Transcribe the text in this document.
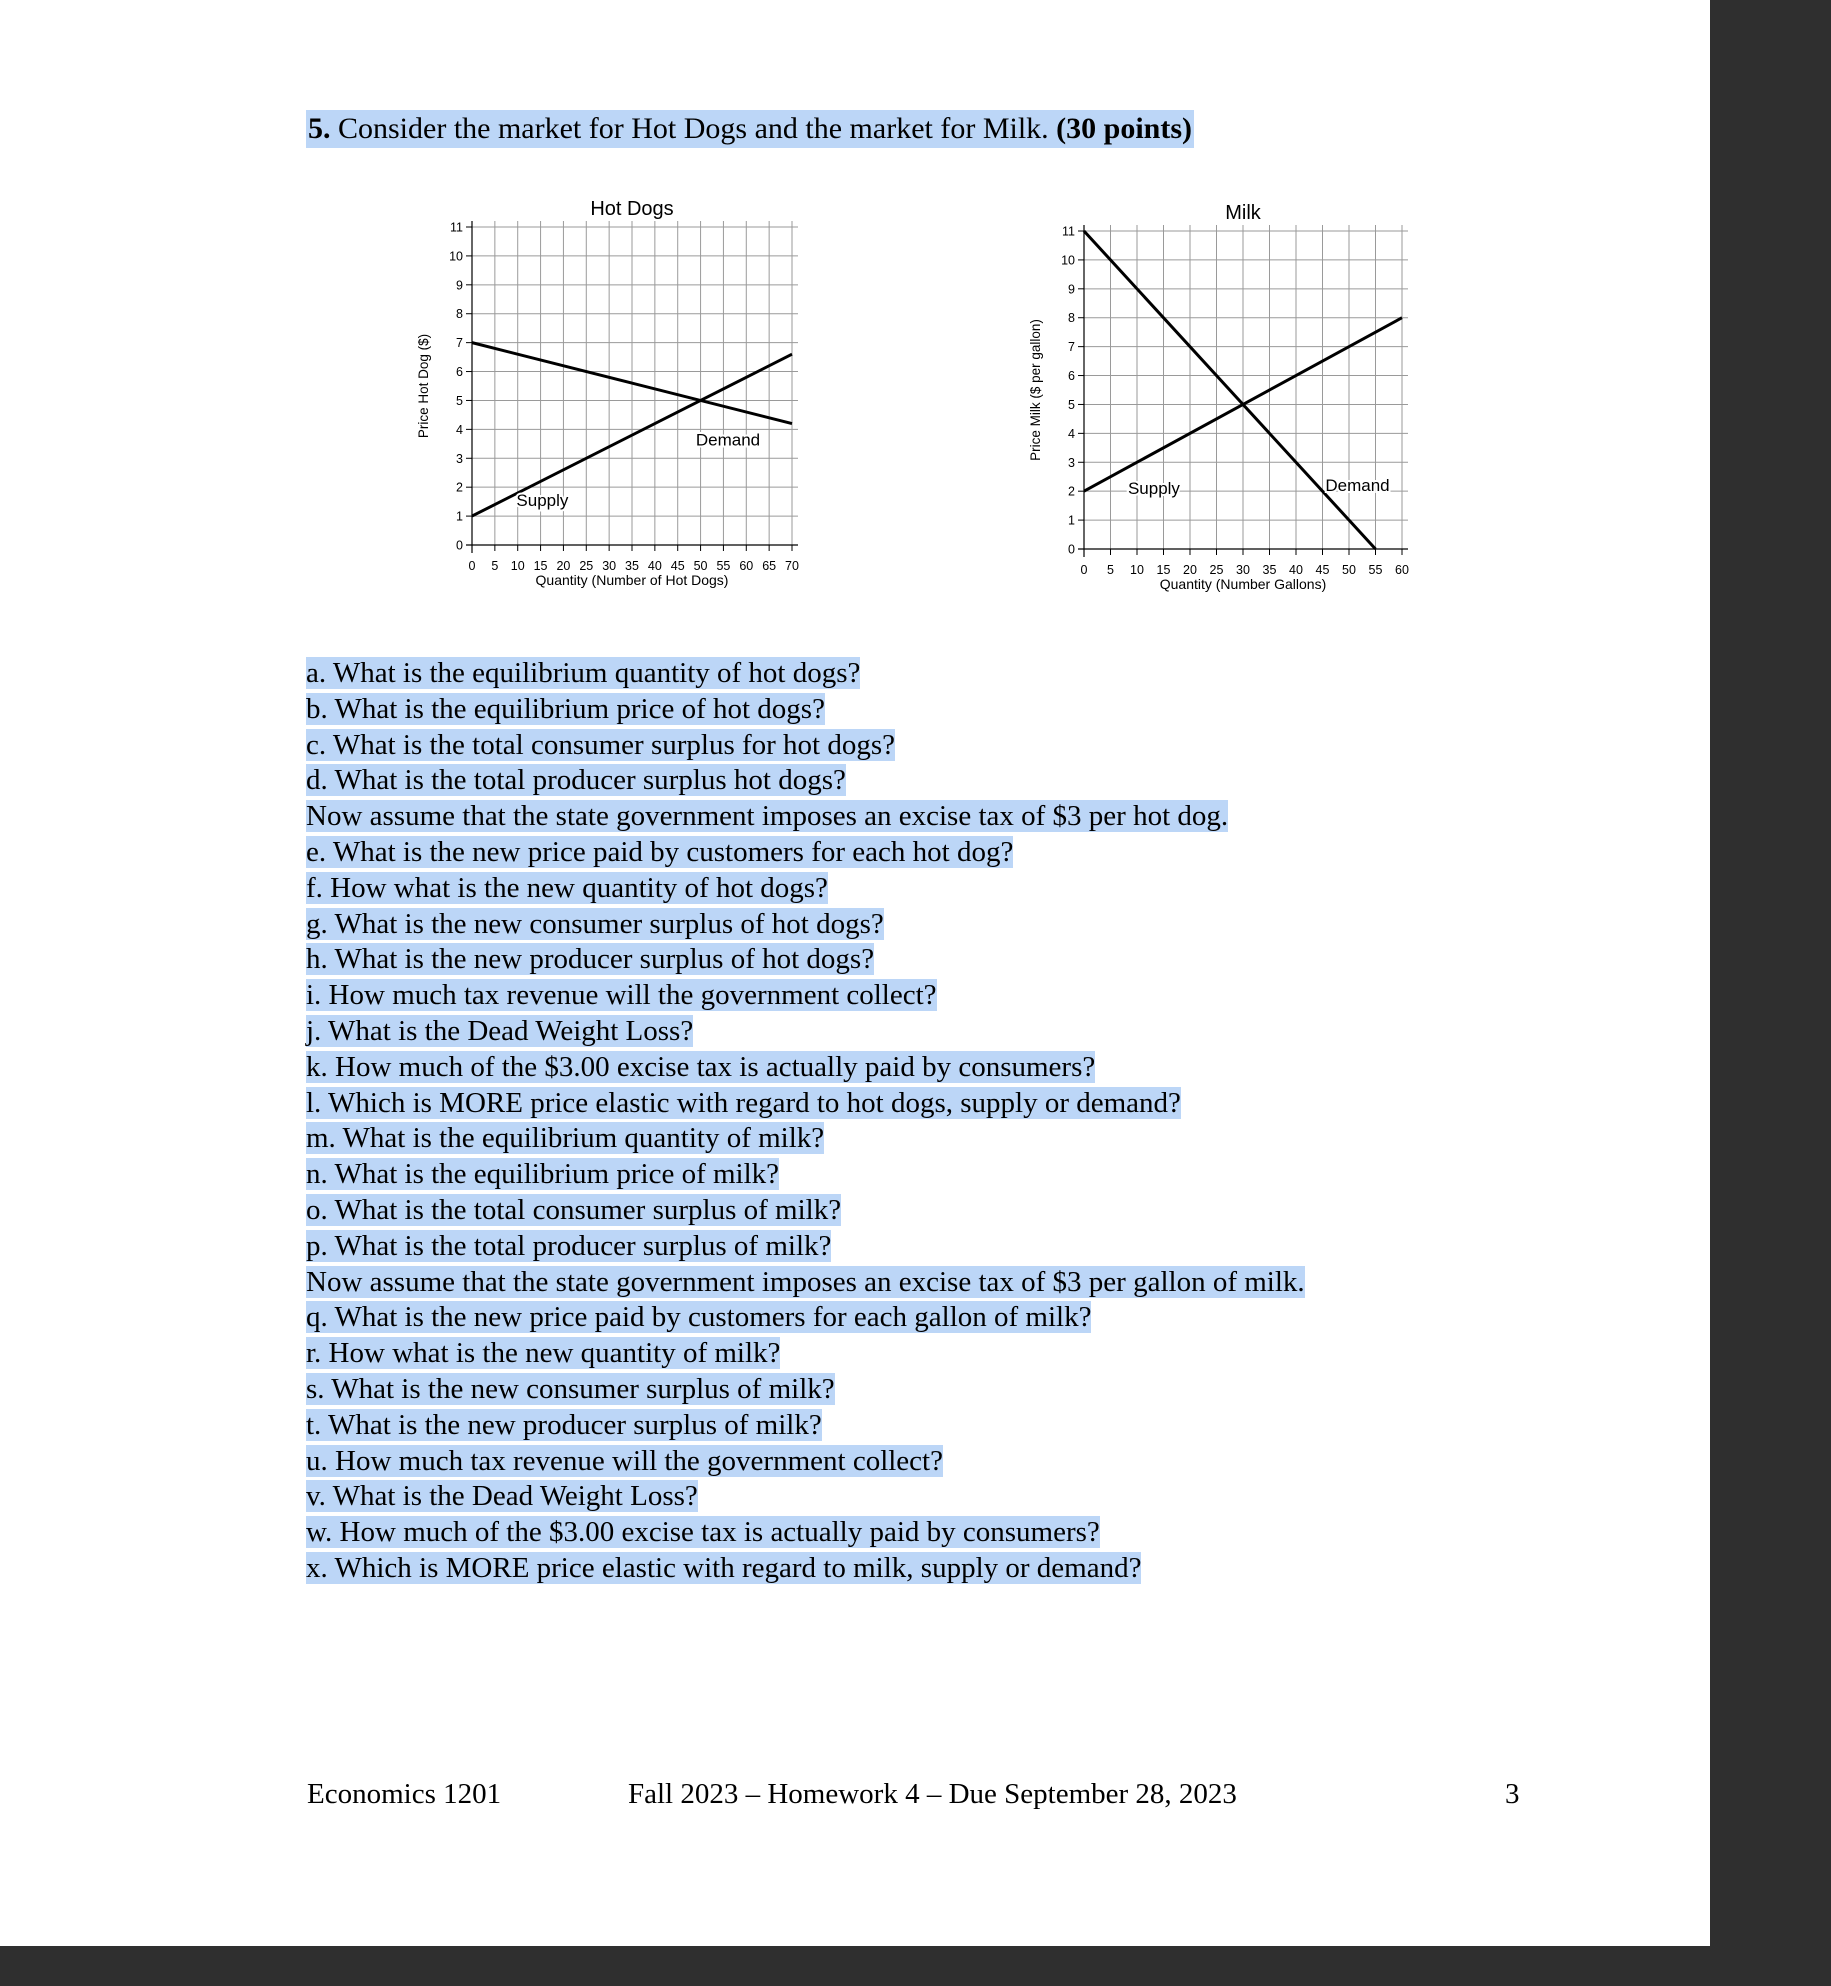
5. Consider the market for Hot Dogs and the market for Milk. (30 points)
0
1
2
3
4
5
6
7
8
9
10
11
0 5 10 15 20 25 30 35 40 45 50 55 60 65 70
Hot Dogs
Quantity (Number of Hot Dogs)
Price Hot Dog ($)
Supply
Demand
0
1
2
3
4
5
6
7
8
9
10
11
0 5 10 15 20 25 30 35 40 45 50 55 60
Milk
Quantity (Number Gallons)
Price Milk ($ per gallon)
Supply	Demand
a. What is the equilibrium quantity of hot dogs?
b. What is the equilibrium price of hot dogs?
c. What is the total consumer surplus for hot dogs?
d. What is the total producer surplus hot dogs?
Now assume that the state government imposes an excise tax of $3 per hot dog.
e. What is the new price paid by customers for each hot dog?
f. How what is the new quantity of hot dogs?
g. What is the new consumer surplus of hot dogs?
h. What is the new producer surplus of hot dogs?
i. How much tax revenue will the government collect?
j. What is the Dead Weight Loss?
k. How much of the $3.00 excise tax is actually paid by consumers?
l. Which is MORE price elastic with regard to hot dogs, supply or demand?
m. What is the equilibrium quantity of milk?
n. What is the equilibrium price of milk?
o. What is the total consumer surplus of milk?
p. What is the total producer surplus of milk?
Now assume that the state government imposes an excise tax of $3 per gallon of milk.
q. What is the new price paid by customers for each gallon of milk?
r. How what is the new quantity of milk?
s. What is the new consumer surplus of milk?
t. What is the new producer surplus of milk?
u. How much tax revenue will the government collect?
v. What is the Dead Weight Loss?
w. How much of the $3.00 excise tax is actually paid by consumers?
x. Which is MORE price elastic with regard to milk, supply or demand?
Economics 1201	Fall 2023 – Homework 4 – Due September 28, 2023	3
